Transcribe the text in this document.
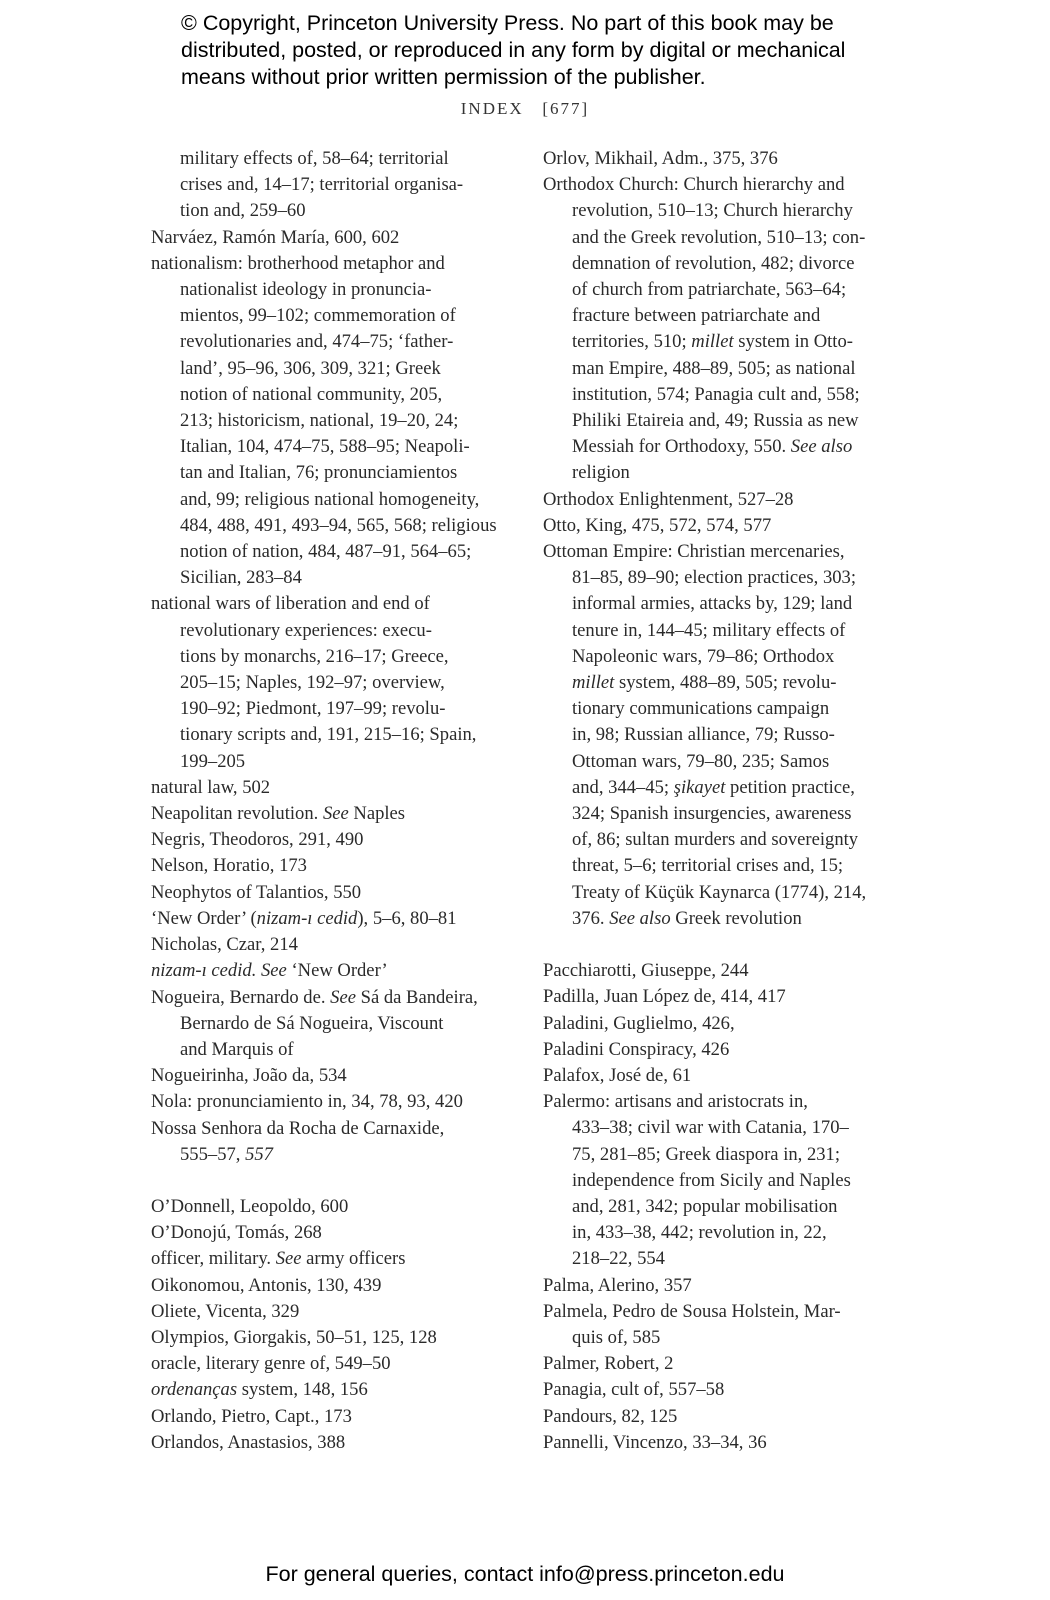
© Copyright, Princeton University Press. No part of this book may be
distributed, posted, or reproduced in any form by digital or mechanical
means without prior written permission of the publisher.
INDEX   [677]
military effects of, 58–64; territorial
crises and, 14–17; territorial organisa-
tion and, 259–60
Narváez, Ramón María, 600, 602
nationalism: brotherhood metaphor and
nationalist ideology in pronuncia-
mientos, 99–102; commemoration of
revolutionaries and, 474–75; ‘father-
land’, 95–96, 306, 309, 321; Greek
notion of national community, 205,
213; historicism, national, 19–20, 24;
Italian, 104, 474–75, 588–95; Neapoli-
tan and Italian, 76; pronunciamientos
and, 99; religious national homogeneity,
484, 488, 491, 493–94, 565, 568; religious
notion of nation, 484, 487–91, 564–65;
Sicilian, 283–84
national wars of liberation and end of
revolutionary experiences: execu-
tions by monarchs, 216–17; Greece,
205–15; Naples, 192–97; overview,
190–92; Piedmont, 197–99; revolu-
tionary scripts and, 191, 215–16; Spain,
199–205
natural law, 502
Neapolitan revolution. See Naples
Negris, Theodoros, 291, 490
Nelson, Horatio, 173
Neophytos of Talantios, 550
‘New Order’ (nizam-ı cedid), 5–6, 80–81
Nicholas, Czar, 214
nizam-ı cedid. See ‘New Order’
Nogueira, Bernardo de. See Sá da Bandeira,
Bernardo de Sá Nogueira, Viscount
and Marquis of
Nogueirinha, João da, 534
Nola: pronunciamiento in, 34, 78, 93, 420
Nossa Senhora da Rocha de Carnaxide,
555–57, 557
O’Donnell, Leopoldo, 600
O’Donojú, Tomás, 268
officer, military. See army officers
Oikonomou, Antonis, 130, 439
Oliete, Vicenta, 329
Olympios, Giorgakis, 50–51, 125, 128
oracle, literary genre of, 549–50
ordenanças system, 148, 156
Orlando, Pietro, Capt., 173
Orlandos, Anastasios, 388
Orlov, Mikhail, Adm., 375, 376
Orthodox Church: Church hierarchy and
revolution, 510–13; Church hierarchy
and the Greek revolution, 510–13; con-
demnation of revolution, 482; divorce
of church from patriarchate, 563–64;
fracture between patriarchate and
territories, 510; millet system in Otto-
man Empire, 488–89, 505; as national
institution, 574; Panagia cult and, 558;
Philiki Etaireia and, 49; Russia as new
Messiah for Orthodoxy, 550. See also
religion
Orthodox Enlightenment, 527–28
Otto, King, 475, 572, 574, 577
Ottoman Empire: Christian mercenaries,
81–85, 89–90; election practices, 303;
informal armies, attacks by, 129; land
tenure in, 144–45; military effects of
Napoleonic wars, 79–86; Orthodox
millet system, 488–89, 505; revolu-
tionary communications campaign
in, 98; Russian alliance, 79; Russo-
Ottoman wars, 79–80, 235; Samos
and, 344–45; şikayet petition practice,
324; Spanish insurgencies, awareness
of, 86; sultan murders and sovereignty
threat, 5–6; territorial crises and, 15;
Treaty of Küçük Kaynarca (1774), 214,
376. See also Greek revolution
Pacchiarotti, Giuseppe, 244
Padilla, Juan López de, 414, 417
Paladini, Guglielmo, 426,
Paladini Conspiracy, 426
Palafox, José de, 61
Palermo: artisans and aristocrats in,
433–38; civil war with Catania, 170–
75, 281–85; Greek diaspora in, 231;
independence from Sicily and Naples
and, 281, 342; popular mobilisation
in, 433–38, 442; revolution in, 22,
218–22, 554
Palma, Alerino, 357
Palmela, Pedro de Sousa Holstein, Mar-
quis of, 585
Palmer, Robert, 2
Panagia, cult of, 557–58
Pandours, 82, 125
Pannelli, Vincenzo, 33–34, 36
For general queries, contact info@press.princeton.edu
